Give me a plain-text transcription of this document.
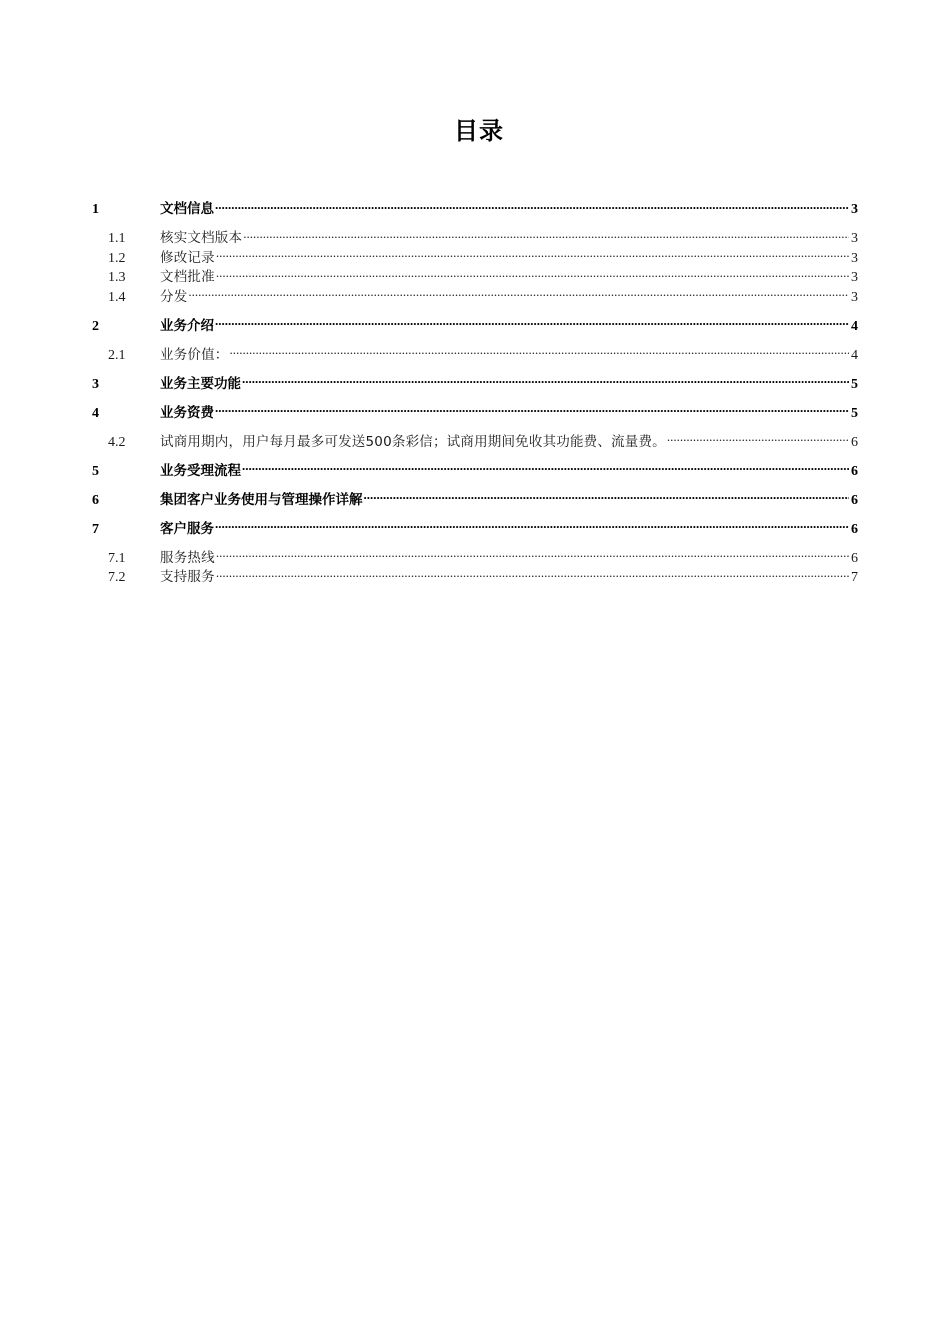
目录
1	文档信息 .....	3
1.1	核实文档版本 .....	3
1.2	修改记录 .....	3
1.3	文档批准 .....	3
1.4	分发 .....	3
2	业务介绍 .....	4
2.1	业务价值： .....	4
3	业务主要功能 .....	5
4	业务资费 .....	5
4.2	试商用期内，用户每月最多可发送500条彩信；试商用期间免收其功能费、流量费。 .....	6
5	业务受理流程 .....	6
6	集团客户业务使用与管理操作详解 .....	6
7	客户服务 .....	6
7.1	服务热线 .....	6
7.2	支持服务 .....	7
